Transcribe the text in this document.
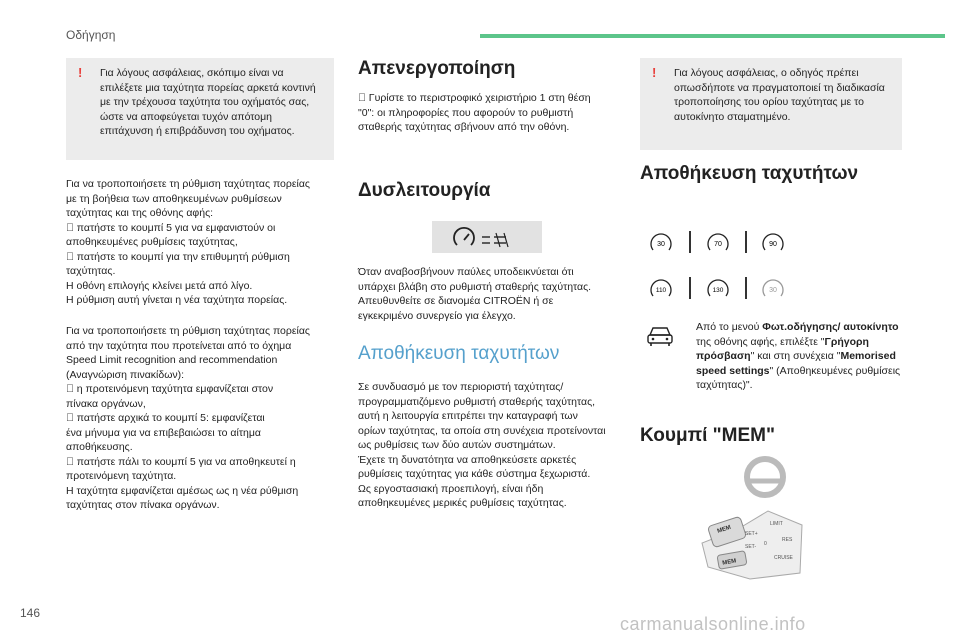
Οδήγηση
! Για λόγους ασφάλειας, σκόπιμο είναι να επιλέξετε μια ταχύτητα πορείας αρκετά κοντινή με την τρέχουσα ταχύτητα του οχήματός σας, ώστε να αποφεύγεται τυχόν απότομη επιτάχυνση ή επιβράδυνση του οχήματος.
Για να τροποποιήσετε τη ρύθμιση ταχύτητας πορείας
με τη βοήθεια των αποθηκευμένων ρυθμίσεων
ταχύτητας και της οθόνης αφής:
πατήστε το κουμπί 5 για να εμφανιστούν οι
αποθηκευμένες ρυθμίσεις ταχύτητας,
πατήστε το κουμπί για την επιθυμητή ρύθμιση
ταχύτητας.
Η οθόνη επιλογής κλείνει μετά από λίγο.
Η ρύθμιση αυτή γίνεται η νέα ταχύτητα πορείας.
Για να τροποποιήσετε τη ρύθμιση ταχύτητας πορείας
από την ταχύτητα που προτείνεται από το όχημα
Speed Limit recognition and recommendation
(Αναγνώριση πινακίδων):
η προτεινόμενη ταχύτητα εμφανίζεται στον
πίνακα οργάνων,
πατήστε αρχικά το κουμπί 5: εμφανίζεται
ένα μήνυμα για να επιβεβαιώσει το αίτημα
αποθήκευσης.
πατήστε πάλι το κουμπί 5 για να αποθηκευτεί η
προτεινόμενη ταχύτητα.
Η ταχύτητα εμφανίζεται αμέσως ως η νέα ρύθμιση
ταχύτητας στον πίνακα οργάνων.
Απενεργοποίηση
Γυρίστε το περιστροφικό χειριστήριο 1 στη θέση
"0": οι πληροφορίες που αφορούν το ρυθμιστή
σταθερής ταχύτητας σβήνουν από την οθόνη.
Δυσλειτουργία
Όταν αναβοσβήνουν παύλες υποδεικνύεται ότι
υπάρχει βλάβη στο ρυθμιστή σταθερής ταχύτητας.
Απευθυνθείτε σε διανομέα CITROËN ή σε
εγκεκριμένο συνεργείο για έλεγχο.
Αποθήκευση ταχυτήτων
Σε συνδυασμό με τον περιοριστή ταχύτητας/
προγραμματιζόμενο ρυθμιστή σταθερής ταχύτητας,
αυτή η λειτουργία επιτρέπει την καταγραφή των
ορίων ταχύτητας, τα οποία στη συνέχεια προτείνονται
ως ρυθμίσεις των δύο αυτών συστημάτων.
Έχετε τη δυνατότητα να αποθηκεύσετε αρκετές
ρυθμίσεις ταχύτητας για κάθε σύστημα ξεχωριστά.
Ως εργοστασιακή προεπιλογή, είναι ήδη
αποθηκευμένες μερικές ρυθμίσεις ταχύτητας.
! Για λόγους ασφάλειας, ο οδηγός πρέπει οπωσδήποτε να πραγματοποιεί τη διαδικασία τροποποίησης του ορίου ταχύτητας με το αυτοκίνητο σταματημένο.
Αποθήκευση ταχυτήτων
30	70	90
110	130	30
Από το μενού Φωτ.οδήγησης/ αυτοκίνητο της οθόνης αφής, επιλέξτε "Γρήγορη πρόσβαση" και στη συνέχεια "Memorised speed settings" (Αποθηκευμένες ρυθμίσεις ταχύτητας)".
Κουμπί "MEM"
MEM
LIMIT
CRUISE
SET+
SET-
MEM
0
RES
146
carmanualsonline.info
